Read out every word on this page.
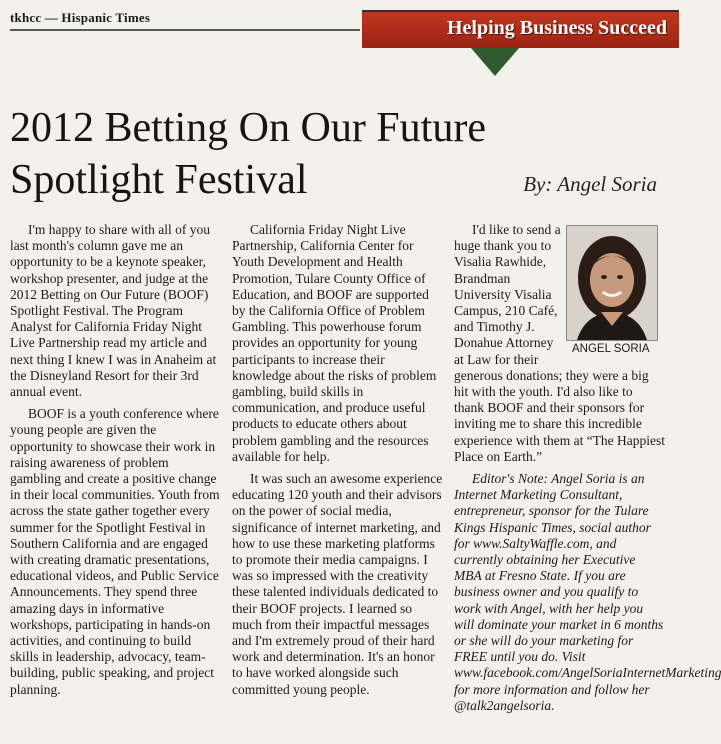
tkhcc — Hispanic Times	Helping Business Succeed
2012 Betting On Our Future
Spotlight Festival	By: Angel Soria

I'm happy to share with all of you last month's column gave me an opportunity to be a keynote speaker, workshop presenter, and judge at the 2012 Betting on Our Future (BOOF) Spotlight Festival. The Program Analyst for California Friday Night Live Partnership read my article and next thing I knew I was in Anaheim at the Disneyland Resort for their 3rd annual event.

BOOF is a youth conference where young people are given the opportunity to showcase their work in raising awareness of problem gambling and create a positive change in their local communities. Youth from across the state gather together every summer for the Spotlight Festival in Southern California and are engaged with creating dramatic presentations, educational videos, and Public Service Announcements. They spend three amazing days in informative workshops, participating in hands-on activities, and continuing to build skills in leadership, advocacy, team-building, public speaking, and project planning.

California Friday Night Live Partnership, California Center for Youth Development and Health Promotion, Tulare County Office of Education, and BOOF are supported by the California Office of Problem Gambling. This powerhouse forum provides an opportunity for young participants to increase their knowledge about the risks of problem gambling, build skills in communication, and produce useful products to educate others about problem gambling and the resources available for help.

It was such an awesome experience educating 120 youth and their advisors on the power of social media, significance of internet marketing, and how to use these marketing platforms to promote their media campaigns. I was so impressed with the creativity these talented individuals dedicated to their BOOF projects. I learned so much from their impactful messages and I'm extremely proud of their hard work and determination. It's an honor to have worked alongside such committed young people.

I'd like to send a huge thank you to Visalia Rawhide, Brandman University Visalia Campus, 210 Café, and Timothy J. Donahue Attorney at Law for their

generous donations; they were a big hit with the youth. I'd also like to thank BOOF and their sponsors for inviting me to share this incredible experience with them at “The Happiest Place on Earth.”

Editor's Note: Angel Soria is an Internet Marketing Consultant, entrepreneur, sponsor for the Tulare Kings Hispanic Times, social author for www.SaltyWaffle.com, and currently obtaining her Executive MBA at Fresno State. If you are business owner and you qualify to work with Angel, with her help you will dominate your market in 6 months or she will do your marketing for FREE until you do. Visit www.facebook.com/AngelSoriaInternetMarketing for more information and follow her @talk2angelsoria.

ANGEL SORIA
